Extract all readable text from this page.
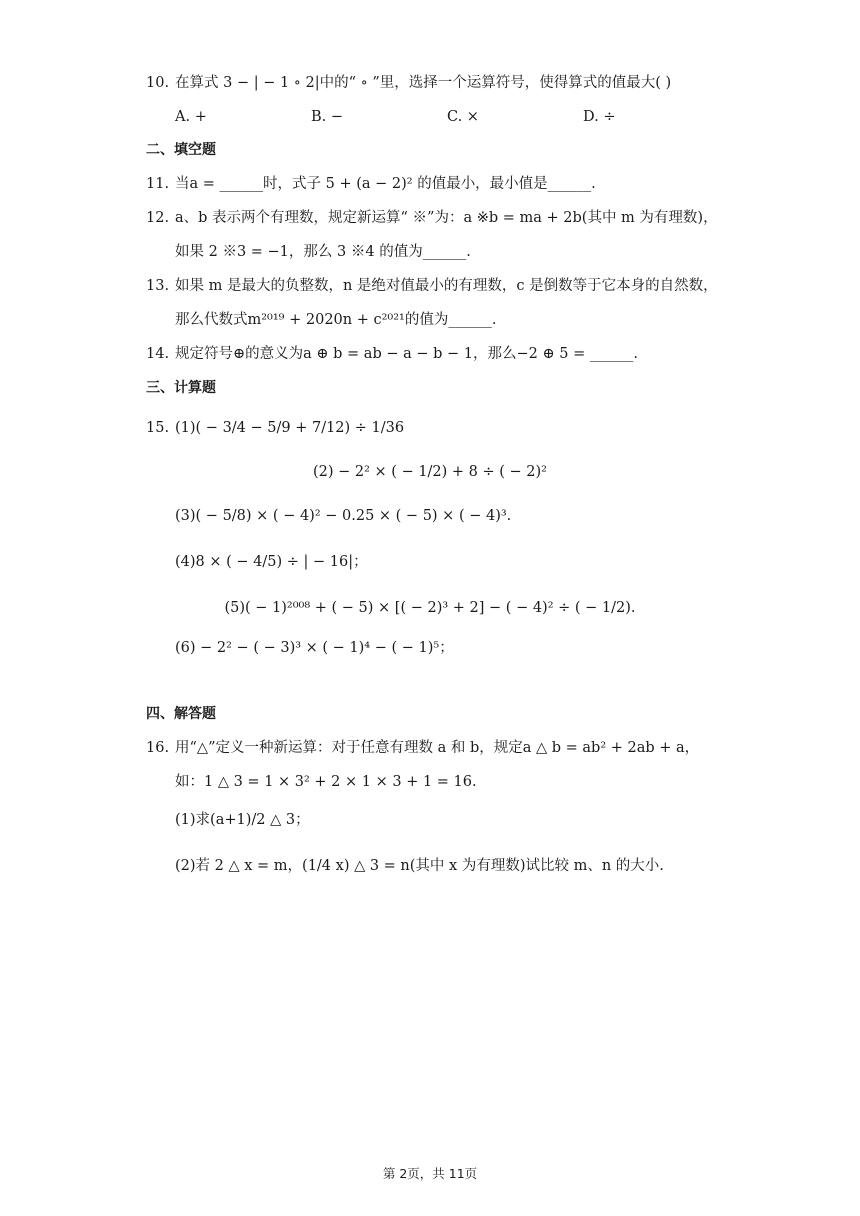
10. 在算式 3 − | − 1 ∘ 2|中的“ ∘ ”里，选择一个运算符号，使得算式的值最大( )
A. +	B. −	C. ×	D. ÷
二、填空题
11. 当a = ______时，式子 5 + (a − 2)² 的值最小，最小值是______.
12. a、b 表示两个有理数，规定新运算“ ※”为：a ※b = ma + 2b(其中 m 为有理数)，
如果 2 ※3 = −1，那么 3 ※4 的值为______.
13. 如果 m 是最大的负整数，n 是绝对值最小的有理数，c 是倒数等于它本身的自然数，
那么代数式m²⁰¹⁹ + 2020n + c²⁰²¹的值为______.
14. 规定符号⊕的意义为a ⊕ b = ab − a − b − 1，那么−2 ⊕ 5 = ______.
三、计算题
15. (1)( − 3/4 − 5/9 + 7/12) ÷ 1/36
(2) − 2² × ( − 1/2) + 8 ÷ ( − 2)²
(3)( − 5/8) × ( − 4)² − 0.25 × ( − 5) × ( − 4)³.
(4)8 × ( − 4/5) ÷ | − 16|；
(5)( − 1)²⁰⁰⁸ + ( − 5) × [( − 2)³ + 2] − ( − 4)² ÷ ( − 1/2).
(6) − 2² − ( − 3)³ × ( − 1)⁴ − ( − 1)⁵；
四、解答题
16. 用“△”定义一种新运算：对于任意有理数 a 和 b，规定a △ b = ab² + 2ab + a，
如：1 △ 3 = 1 × 3² + 2 × 1 × 3 + 1 = 16.
(1)求(a+1)/2 △ 3；
(2)若 2 △ x = m，(1/4 x) △ 3 = n(其中 x 为有理数)试比较 m、n 的大小.
第 2页，共 11页
